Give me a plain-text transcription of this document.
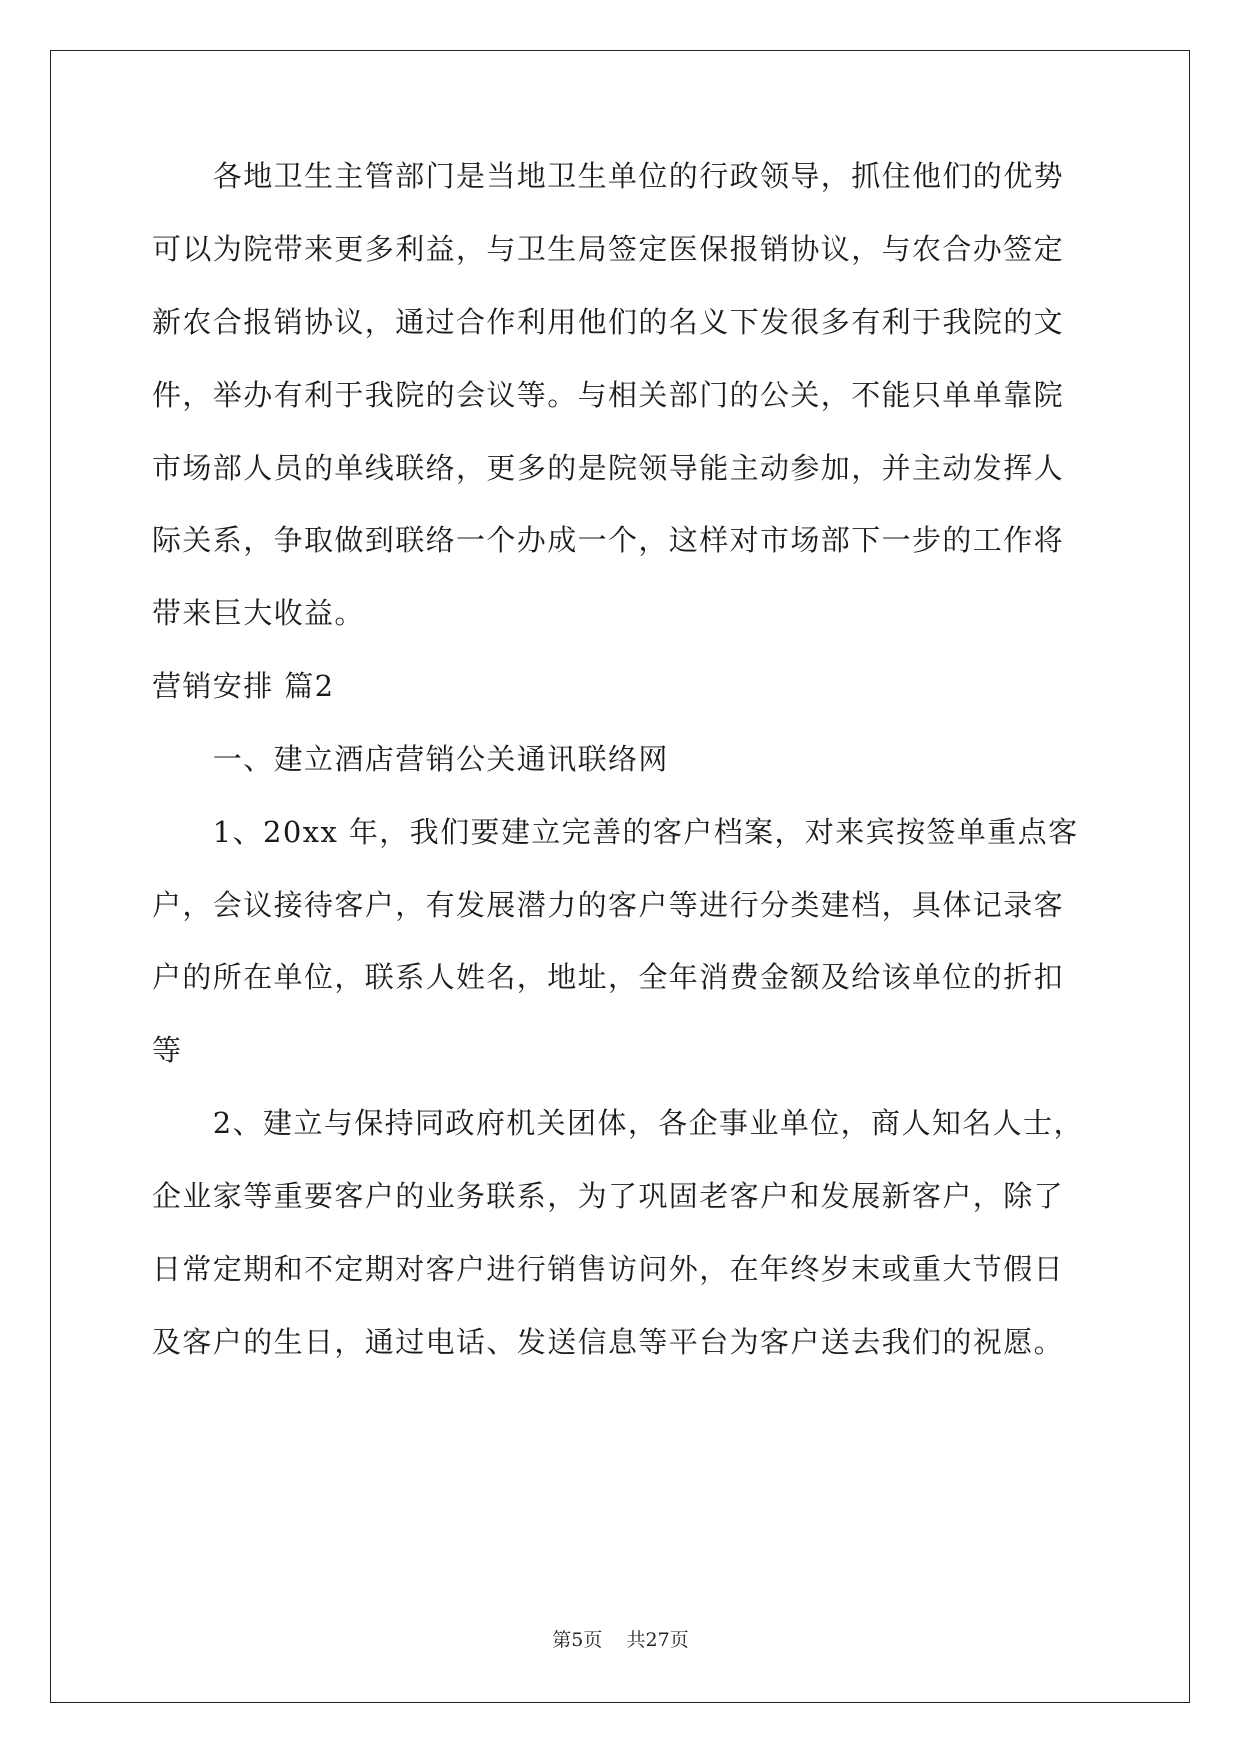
　　各地卫生主管部门是当地卫生单位的行政领导，抓住他们的优势
可以为院带来更多利益，与卫生局签定医保报销协议，与农合办签定
新农合报销协议，通过合作利用他们的名义下发很多有利于我院的文
件，举办有利于我院的会议等。与相关部门的公关，不能只单单靠院
市场部人员的单线联络，更多的是院领导能主动参加，并主动发挥人
际关系，争取做到联络一个办成一个，这样对市场部下一步的工作将
带来巨大收益。
营销安排 篇2
　　一、建立酒店营销公关通讯联络网
　　1、20xx 年，我们要建立完善的客户档案，对来宾按签单重点客
户，会议接待客户，有发展潜力的客户等进行分类建档，具体记录客
户的所在单位，联系人姓名，地址，全年消费金额及给该单位的折扣
等
　　2、建立与保持同政府机关团体，各企事业单位，商人知名人士，
企业家等重要客户的业务联系，为了巩固老客户和发展新客户，除了
日常定期和不定期对客户进行销售访问外，在年终岁末或重大节假日
及客户的生日，通过电话、发送信息等平台为客户送去我们的祝愿。
第5页 共27页
